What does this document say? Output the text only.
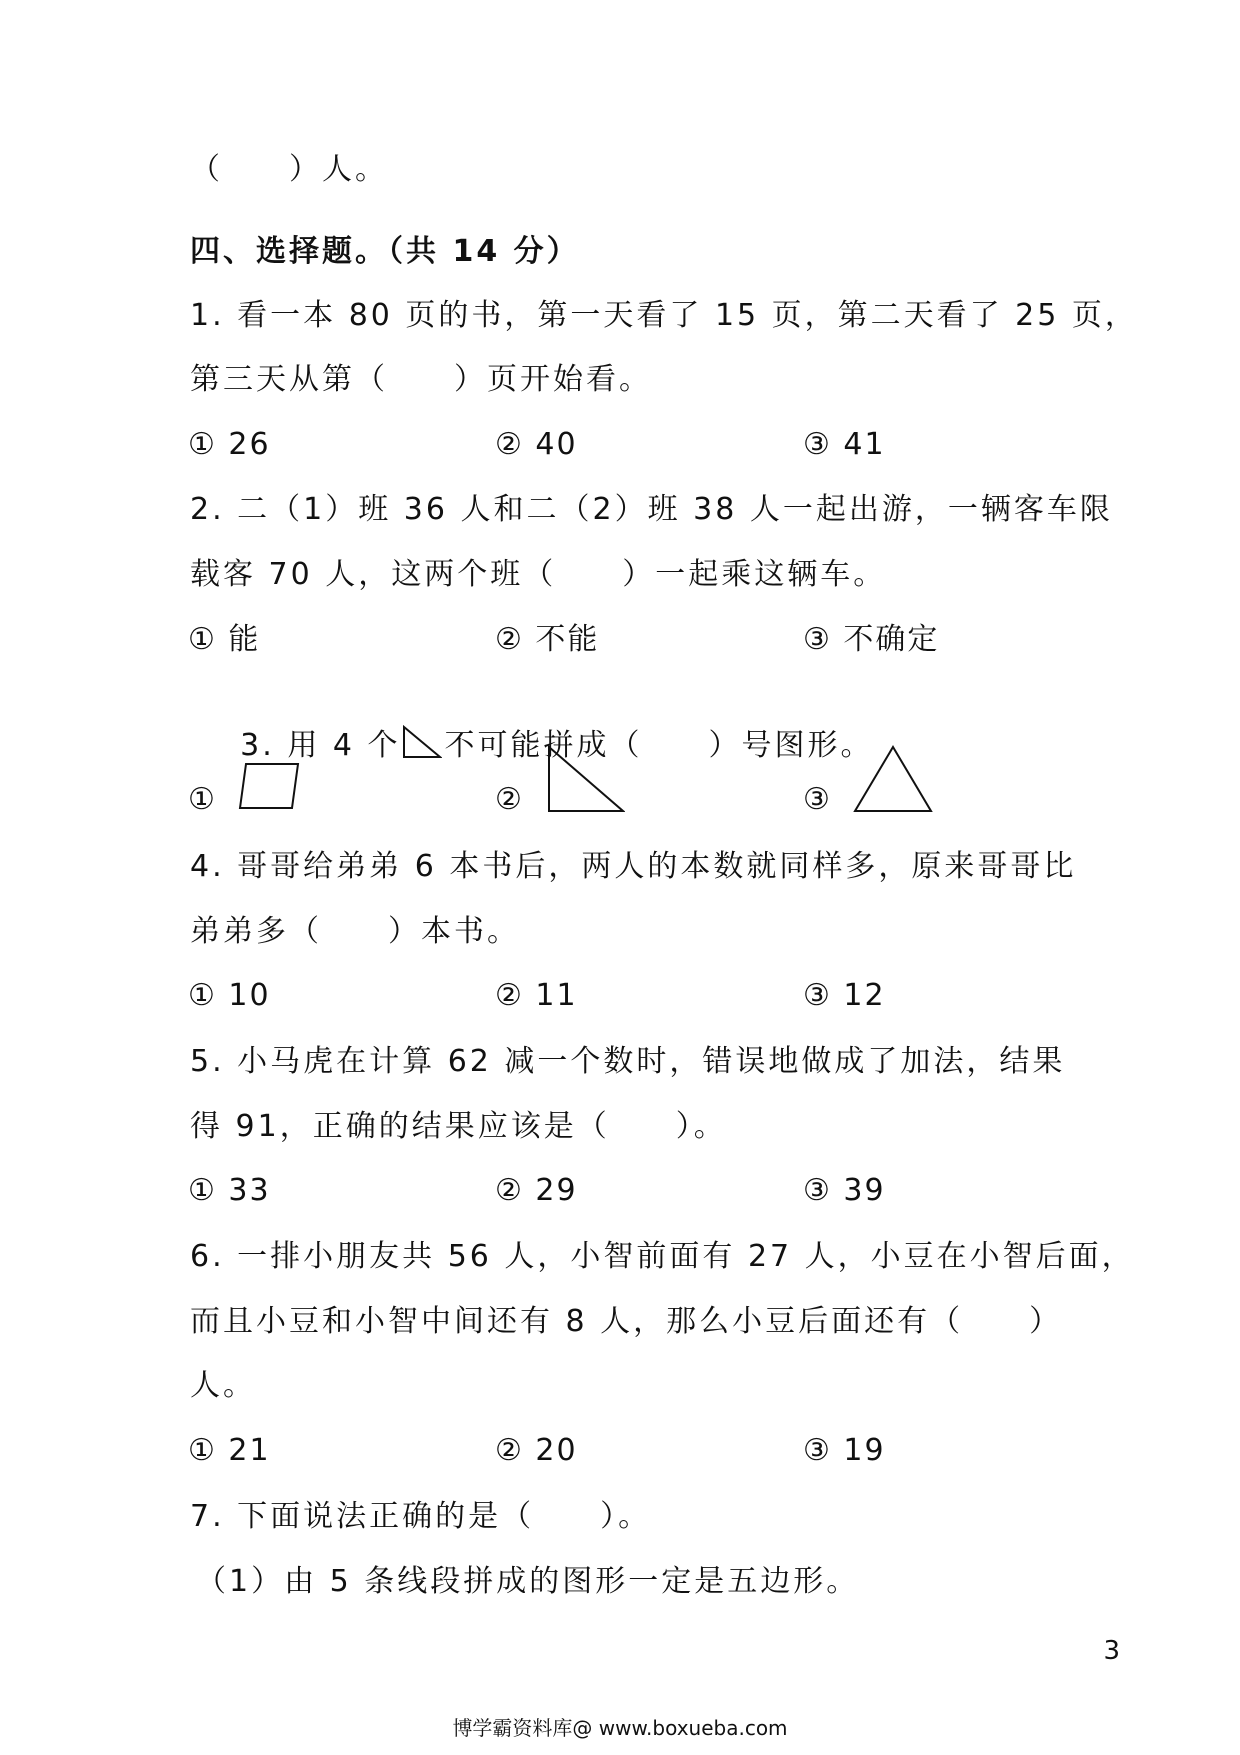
（　　）人。
四、选择题。（共 14 分）
1. 看一本 80 页的书，第一天看了 15 页，第二天看了 25 页，
第三天从第（　　）页开始看。
① 26	② 40	③ 41
2. 二（1）班 36 人和二（2）班 38 人一起出游，一辆客车限
载客 70 人，这两个班（　　）一起乘这辆车。
① 能	② 不能	③ 不确定

3. 用 4 个 不可能拼成（　　）号图形。

①	②	③
4. 哥哥给弟弟 6 本书后，两人的本数就同样多，原来哥哥比
弟弟多（　　）本书。
① 10	② 11	③ 12
5. 小马虎在计算 62 减一个数时，错误地做成了加法，结果
得 91，正确的结果应该是（　　）。
① 33	② 29	③ 39
6. 一排小朋友共 56 人，小智前面有 27 人，小豆在小智后面，
而且小豆和小智中间还有 8 人，那么小豆后面还有（　　）
人。
① 21	② 20	③ 19
7. 下面说法正确的是（　　）。
（1）由 5 条线段拼成的图形一定是五边形。
3
博学霸资料库@ www.boxueba.com
